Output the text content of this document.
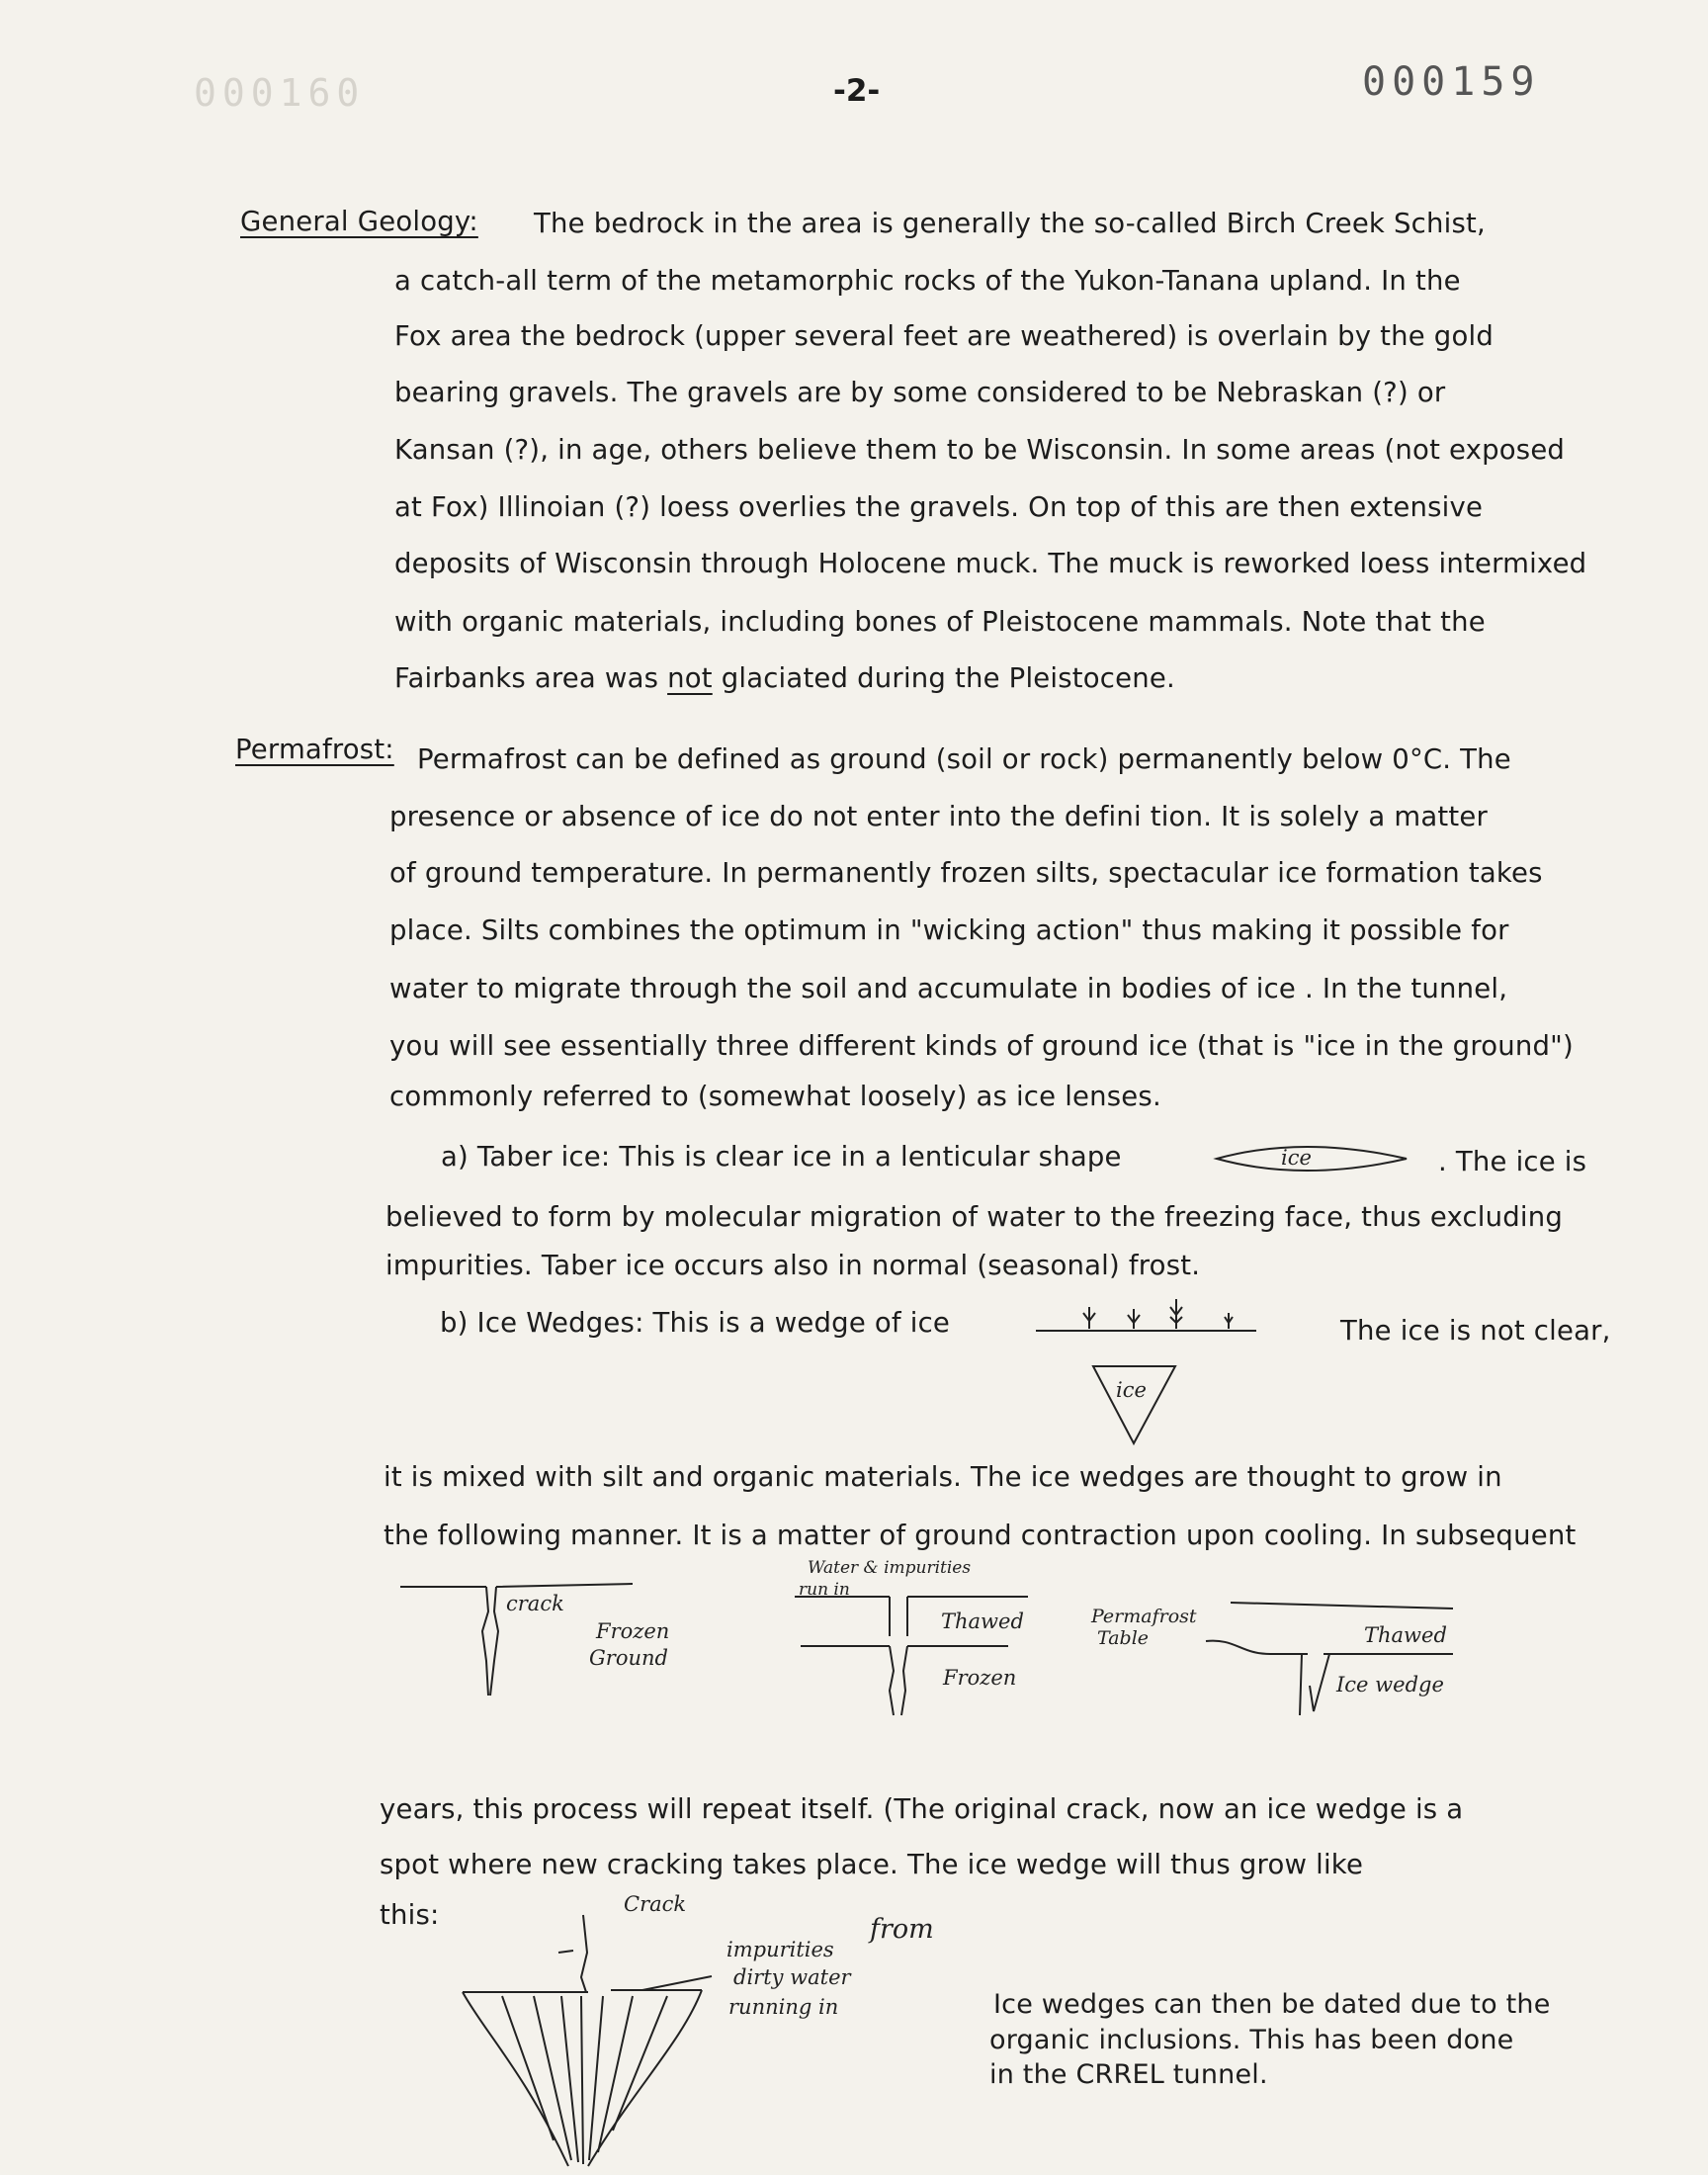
000160	-2-	000159
General Geology: The bedrock in the area is generally the so-called Birch Creek Schist,
a catch-all term of the metamorphic rocks of the Yukon-Tanana upland. In the
Fox area the bedrock (upper several feet are weathered) is overlain by the gold
bearing gravels. The gravels are by some considered to be Nebraskan (?) or
Kansan (?), in age, others believe them to be Wisconsin. In some areas (not exposed
at Fox) Illinoian (?) loess overlies the gravels. On top of this are then extensive
deposits of Wisconsin through Holocene muck. The muck is reworked loess intermixed
with organic materials, including bones of Pleistocene mammals. Note that the
Fairbanks area was not glaciated during the Pleistocene.
Permafrost: Permafrost can be defined as ground (soil or rock) permanently below 0°C. The
presence or absence of ice do not enter into the defini tion. It is solely a matter
of ground temperature. In permanently frozen silts, spectacular ice formation takes
place. Silts combines the optimum in "wicking action" thus making it possible for
water to migrate through the soil and accumulate in bodies of ice . In the tunnel,
you will see essentially three different kinds of ground ice (that is "ice in the ground")
commonly referred to (somewhat loosely) as ice lenses.
a) Taber ice: This is clear ice in a lenticular shape	ice	. The ice is
believed to form by molecular migration of water to the freezing face, thus excluding
impurities. Taber ice occurs also in normal (seasonal) frost.
b) Ice Wedges: This is a wedge of ice	The ice is not clear,
ice
it is mixed with silt and organic materials. The ice wedges are thought to grow in
the following manner. It is a matter of ground contraction upon cooling. In subsequent
crack
Frozen
Ground
Water & impurities
run in
Thawed
Frozen
Permafrost
Table	Thawed
Ice wedge
years, this process will repeat itself. (The original crack, now an ice wedge is a
spot where new cracking takes place. The ice wedge will thus grow like
this:	Crack
impurities
from
dirty water
running in	Ice wedges can then be dated due to the
organic inclusions. This has been done
in the CRREL tunnel.
